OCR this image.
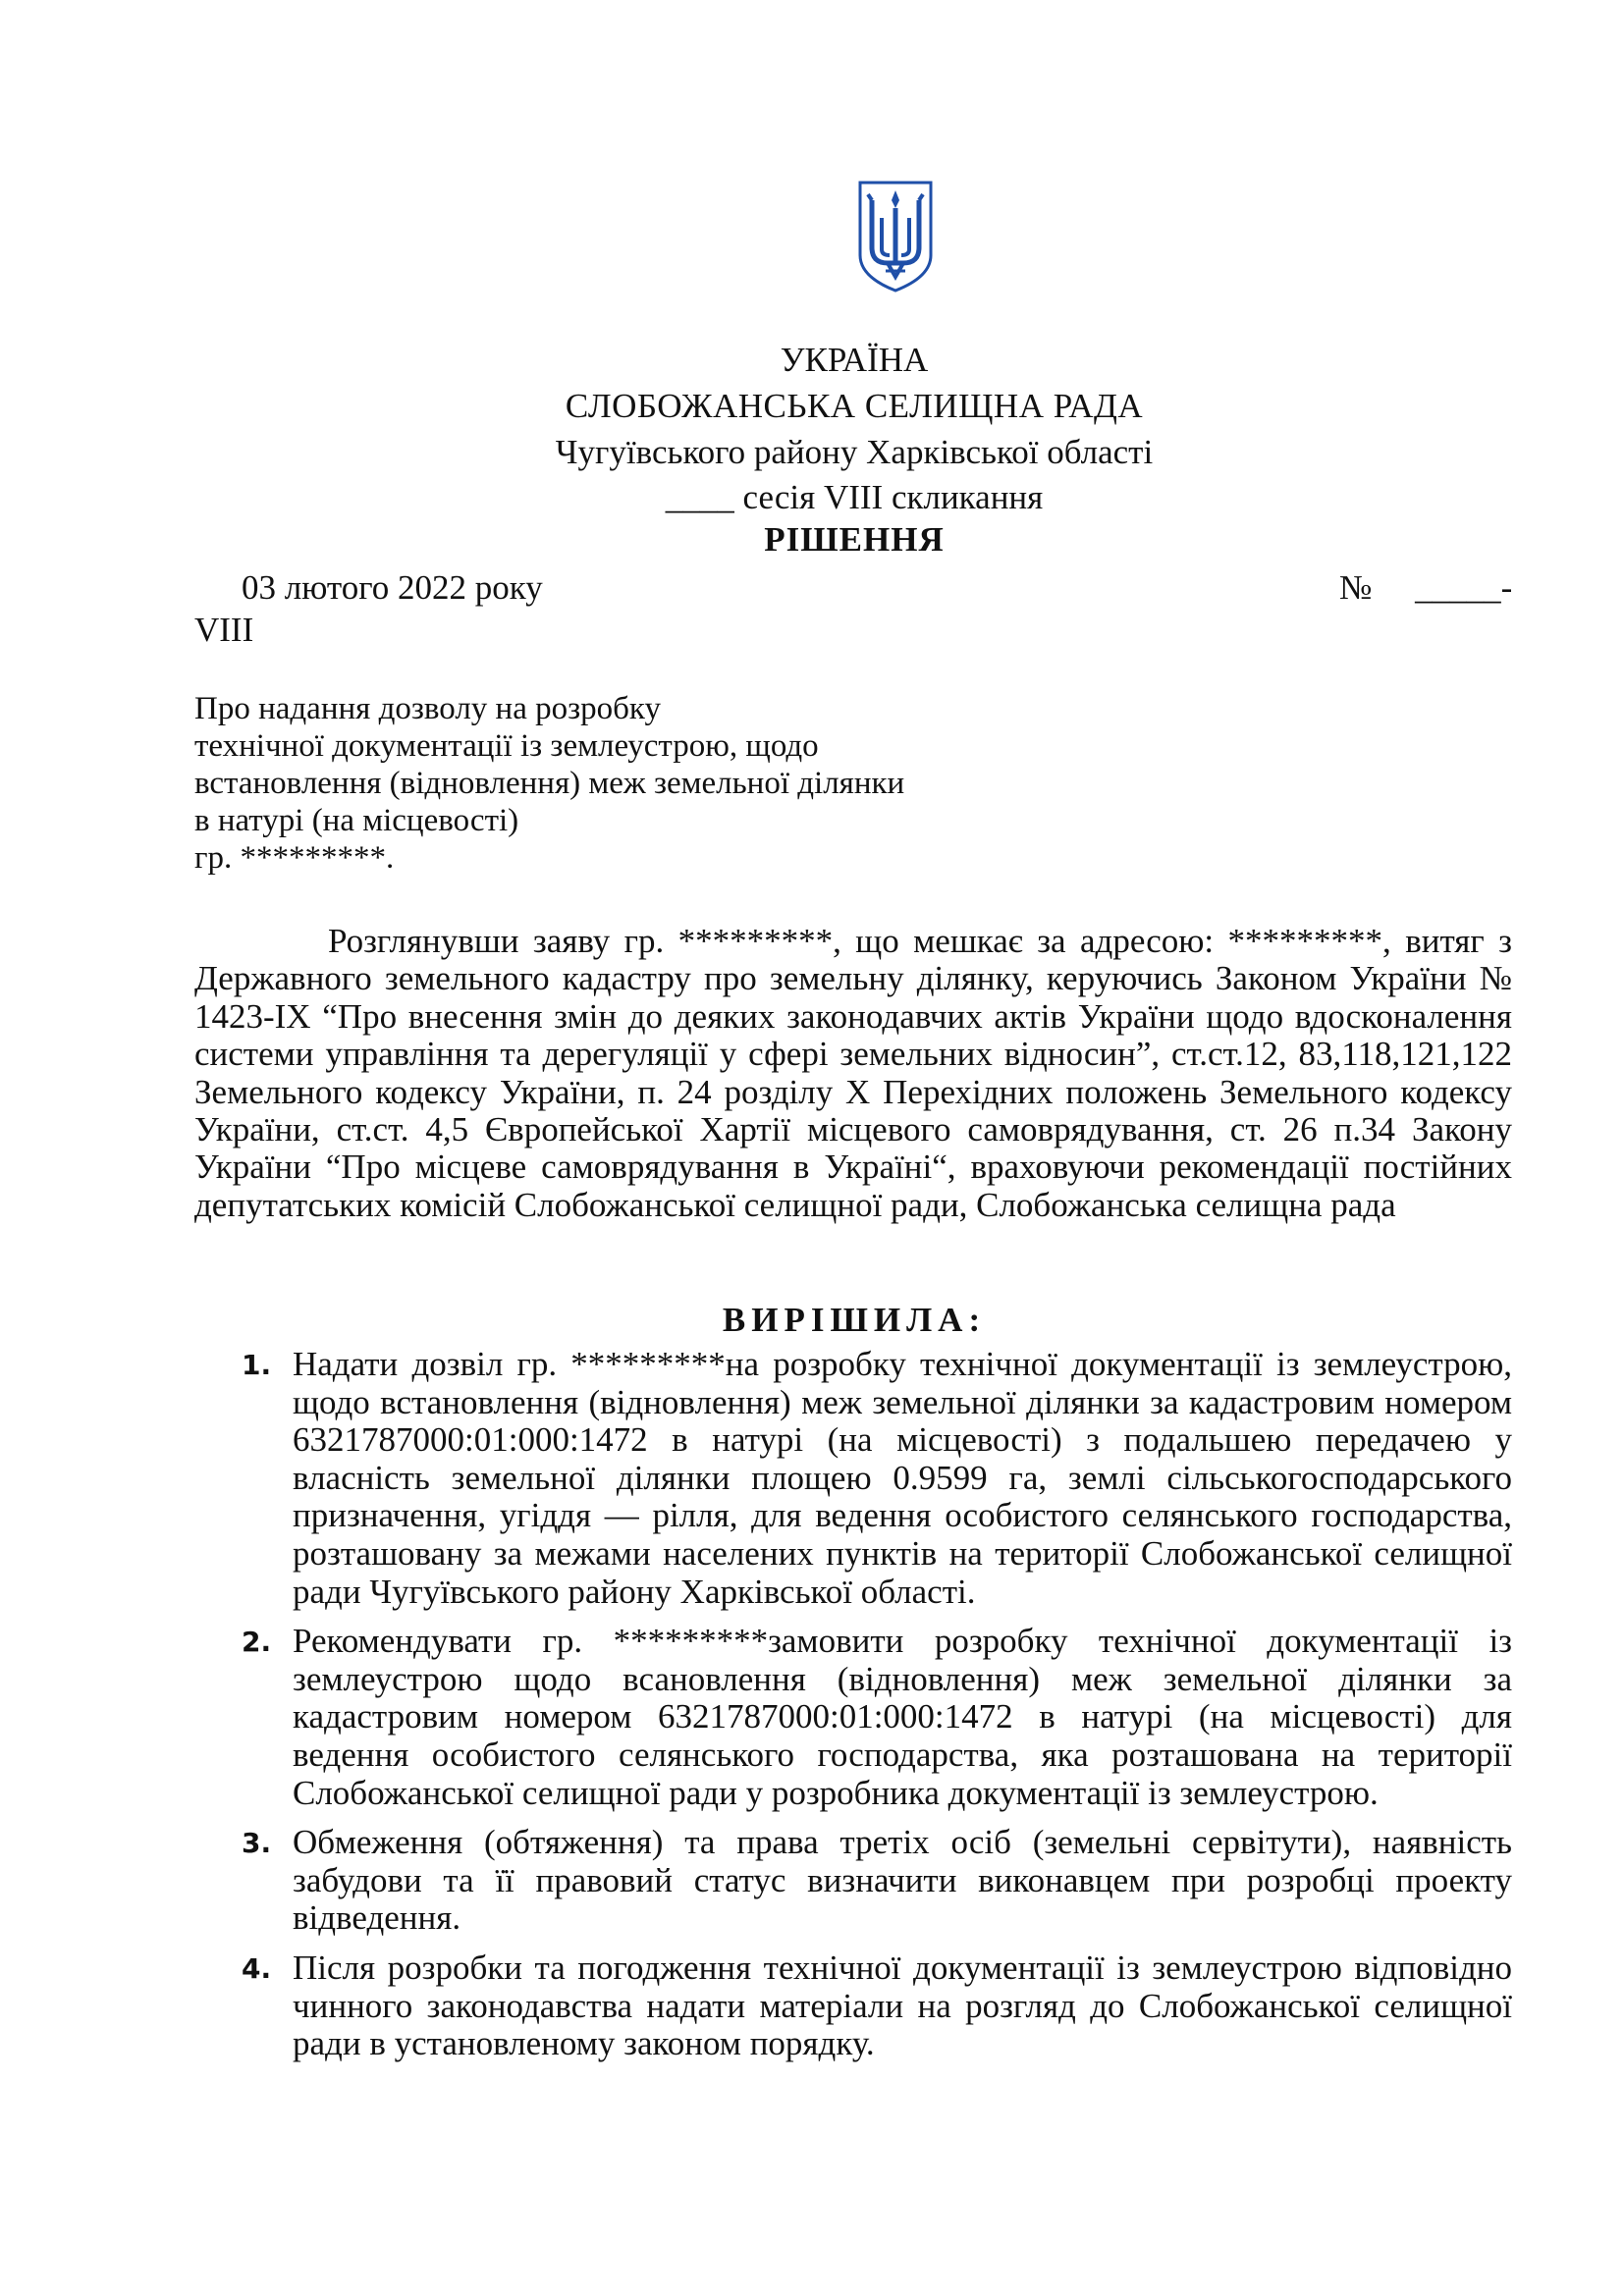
УКРАЇНА
СЛОБОЖАНСЬКА СЕЛИЩНА РАДА
Чугуївського району Харківської області
____ сесія VIII скликання
РІШЕННЯ
03 лютого 2022 року	№     _____-
VIII
Про надання дозволу на розробку
технічної документації із землеустрою, щодо
встановлення (відновлення) меж земельної ділянки
в натурі (на місцевості)
гр. *********.
Розглянувши заяву гр. *********, що мешкає за адресою: *********, витяг з Державного земельного кадастру про земельну ділянку, керуючись Законом України № 1423-ІХ “Про внесення змін до деяких законодавчих актів України щодо вдосконалення системи управління та дерегуляції у сфері земельних відносин”, ст.ст.12, 83,118,121,122 Земельного кодексу України, п. 24 розділу Х Перехідних положень Земельного кодексу України, ст.ст. 4,5 Європейської Хартії місцевого самоврядування, ст. 26 п.34 Закону України “Про місцеве самоврядування в Україні“, враховуючи рекомендації постійних депутатських комісій Слобожанської селищної ради, Слобожанська селищна рада
ВИРІШИЛА:
1. Надати дозвіл гр. *********на розробку технічної документації із землеустрою, щодо встановлення (відновлення) меж земельної ділянки за кадастровим номером 6321787000:01:000:1472 в натурі (на місцевості) з подальшею передачею у власність земельної ділянки площею 0.9599 га, землі сільськогосподарського призначення, угіддя — рілля, для ведення особистого селянського господарства, розташовану за межами населених пунктів на території Слобожанської селищної ради Чугуївського району Харківської області.
2. Рекомендувати гр. *********замовити розробку технічної документації із землеустрою щодо всановлення (відновлення) меж земельної ділянки за кадастровим номером 6321787000:01:000:1472 в натурі (на місцевості) для ведення особистого селянського господарства, яка розташована на території Слобожанської селищної ради у розробника документації із землеустрою.
3. Обмеження (обтяження) та права третіх осіб (земельні сервітути), наявність забудови та її правовий статус визначити виконавцем при розробці проекту відведення.
4. Після розробки та погодження технічної документації із землеустрою відповідно чинного законодавства надати матеріали на розгляд до Слобожанської селищної ради в установленому законом порядку.
